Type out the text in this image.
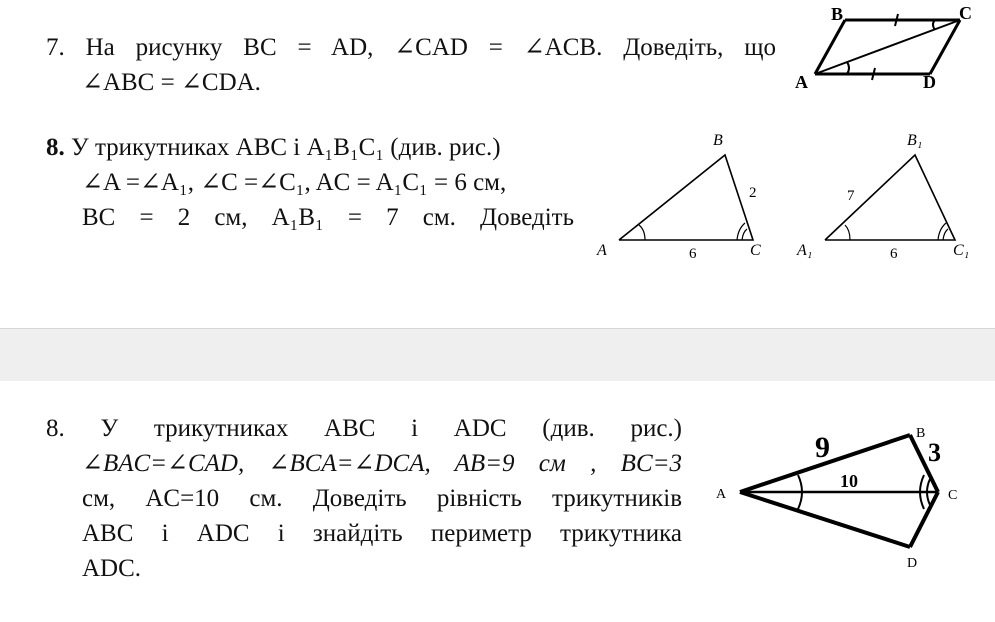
7. На рисунку BC = AD, ∠CAD = ∠ACB. Доведіть, що
∠ABC = ∠CDA.
B	C
A	D
8. У трикутниках ABC і A₁B₁C₁ (див. рис.)
∠A =∠A₁, ∠C =∠C₁, AC = A₁C₁ = 6 см,
BC = 2 см, A₁B₁ = 7 см. Доведіть
A
B
C
6
2
A₁
B₁
C₁
6
7
8. У трикутниках ABC і ADC (див. рис.)
∠BAC=∠CAD, ∠BCA=∠DCA, AB=9 см , BC=3
см, AC=10 см. Доведіть рівність трикутників
ABC і ADC і знайдіть периметр трикутника
ADC.
A
B
C
D
9	3
10
